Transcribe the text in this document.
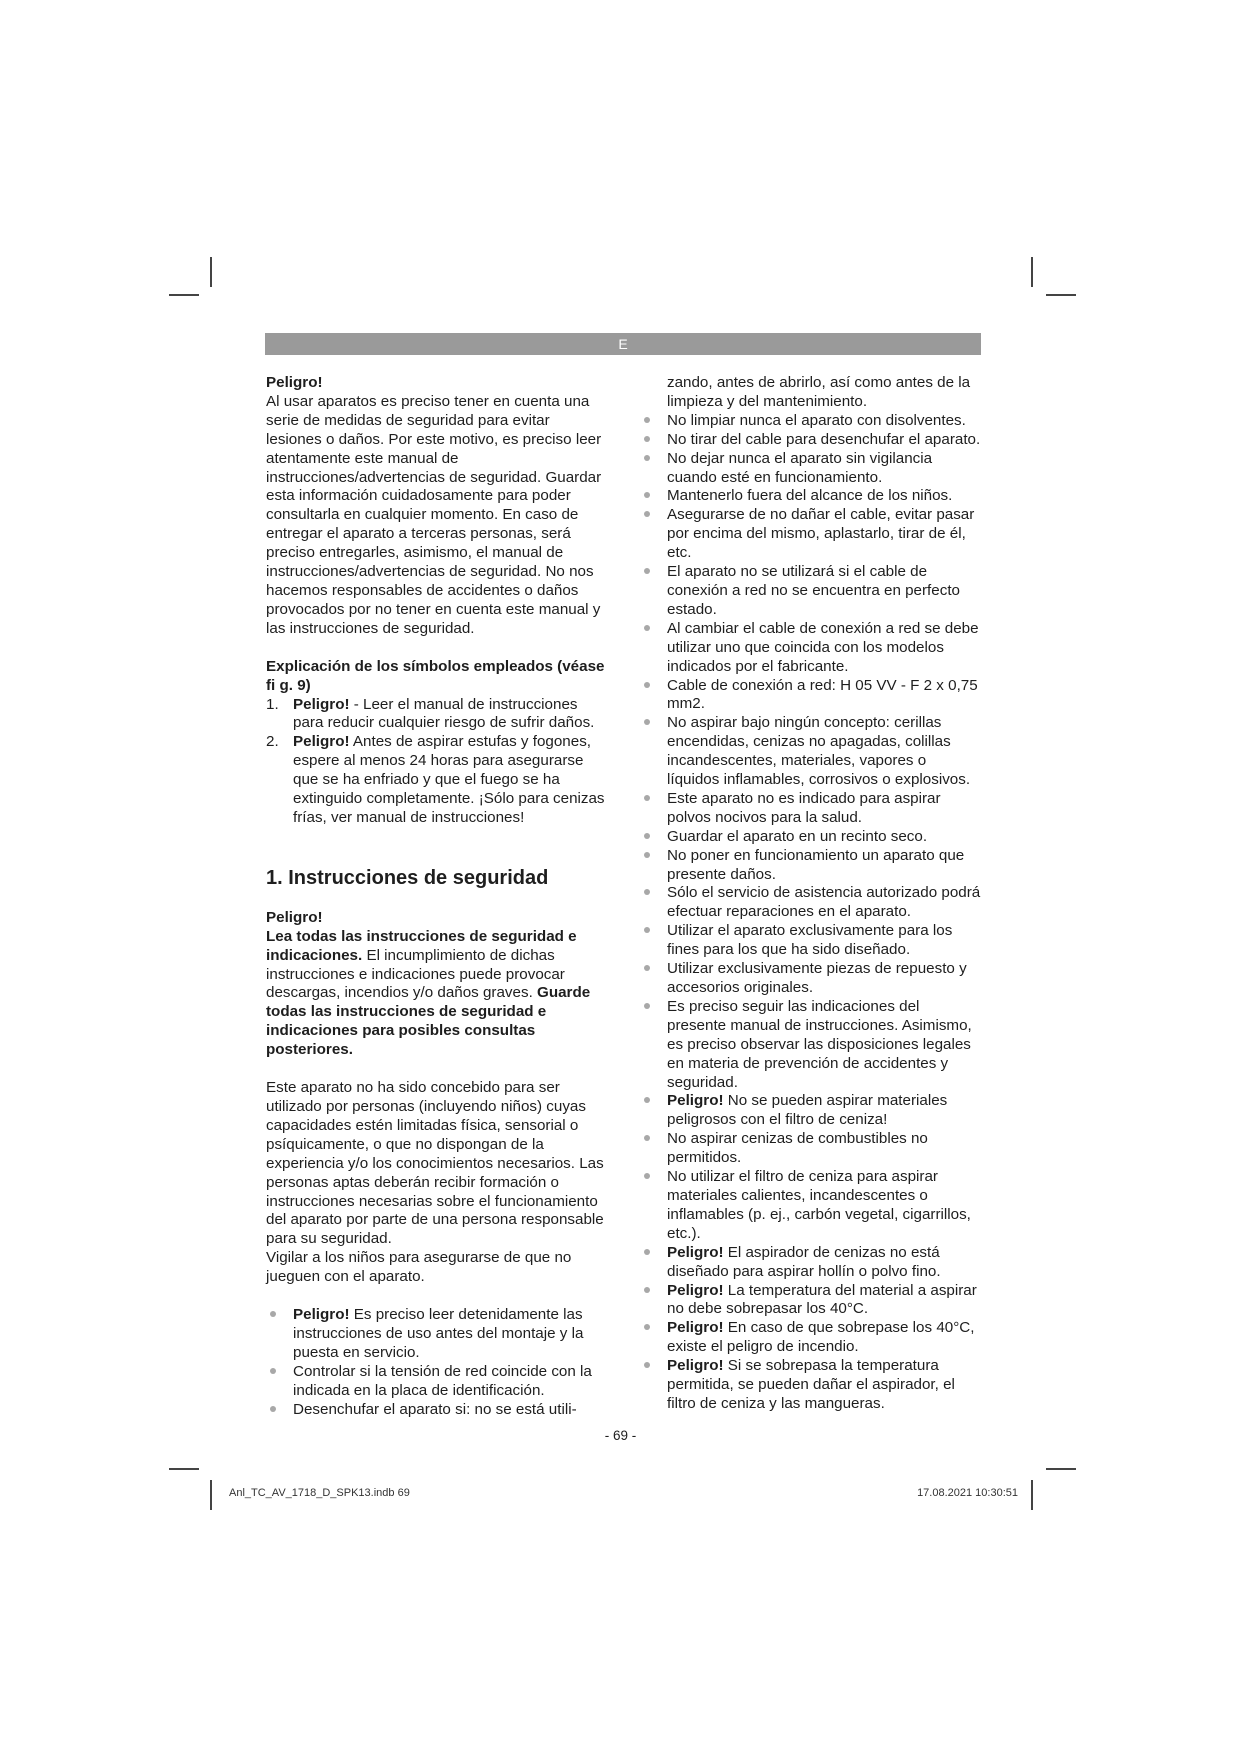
E

Peligro!

Al usar aparatos es preciso tener en cuenta una serie de medidas de seguridad para evitar lesiones o daños. Por este motivo, es preciso leer atentamente este manual de instrucciones/advertencias de seguridad. Guardar esta información cuidadosamente para poder consultarla en cualquier momento. En caso de entregar el aparato a terceras personas, será preciso entregarles, asimismo, el manual de instrucciones/advertencias de seguridad. No nos hacemos responsables de accidentes o daños provocados por no tener en cuenta este manual y las instrucciones de seguridad.

Explicación de los símbolos empleados (véase fi g. 9)

1. Peligro! - Leer el manual de instrucciones para reducir cualquier riesgo de sufrir daños.
2. Peligro! Antes de aspirar estufas y fogones, espere al menos 24 horas para asegurarse que se ha enfriado y que el fuego se ha extinguido completamente. ¡Sólo para cenizas frías, ver manual de instrucciones!
1. Instrucciones de seguridad

Peligro!

Lea todas las instrucciones de seguridad e indicaciones. El incumplimiento de dichas instrucciones e indicaciones puede provocar descargas, incendios y/o daños graves. Guarde todas las instrucciones de seguridad e indicaciones para posibles consultas posteriores.

Este aparato no ha sido concebido para ser utilizado por personas (incluyendo niños) cuyas capacidades estén limitadas física, sensorial o psíquicamente, o que no dispongan de la experiencia y/o los conocimientos necesarios. Las personas aptas deberán recibir formación o instrucciones necesarias sobre el funcionamiento del aparato por parte de una persona responsable para su seguridad.

Vigilar a los niños para asegurarse de que no jueguen con el aparato.

Peligro! Es preciso leer detenidamente las instrucciones de uso antes del montaje y la puesta en servicio.
Controlar si la tensión de red coincide con la indicada en la placa de identificación.
Desenchufar el aparato si: no se está utili-

zando, antes de abrirlo, así como antes de la limpieza y del mantenimiento.

No limpiar nunca el aparato con disolventes.
No tirar del cable para desenchufar el aparato.
No dejar nunca el aparato sin vigilancia cuando esté en funcionamiento.
Mantenerlo fuera del alcance de los niños.
Asegurarse de no dañar el cable, evitar pasar por encima del mismo, aplastarlo, tirar de él, etc.
El aparato no se utilizará si el cable de conexión a red no se encuentra en perfecto estado.
Al cambiar el cable de conexión a red se debe utilizar uno que coincida con los modelos indicados por el fabricante.
Cable de conexión a red: H 05 VV - F 2 x 0,75 mm2.
No aspirar bajo ningún concepto: cerillas encendidas, cenizas no apagadas, colillas incandescentes, materiales, vapores o líquidos inflamables, corrosivos o explosivos.
Este aparato no es indicado para aspirar polvos nocivos para la salud.
Guardar el aparato en un recinto seco.
No poner en funcionamiento un aparato que presente daños.
Sólo el servicio de asistencia autorizado podrá efectuar reparaciones en el aparato.
Utilizar el aparato exclusivamente para los fines para los que ha sido diseñado.
Utilizar exclusivamente piezas de repuesto y accesorios originales.
Es preciso seguir las indicaciones del presente manual de instrucciones. Asimismo, es preciso observar las disposiciones legales en materia de prevención de accidentes y seguridad.
Peligro! No se pueden aspirar materiales peligrosos con el filtro de ceniza!
No aspirar cenizas de combustibles no permitidos.
No utilizar el filtro de ceniza para aspirar materiales calientes, incandescentes o inflamables (p. ej., carbón vegetal, cigarrillos, etc.).
Peligro! El aspirador de cenizas no está diseñado para aspirar hollín o polvo fino.
Peligro! La temperatura del material a aspirar no debe sobrepasar los 40°C.
Peligro! En caso de que sobrepase los 40°C, existe el peligro de incendio.
Peligro! Si se sobrepasa la temperatura permitida, se pueden dañar el aspirador, el filtro de ceniza y las mangueras.
- 69 -
Anl_TC_AV_1718_D_SPK13.indb 69	17.08.2021 10:30:51
